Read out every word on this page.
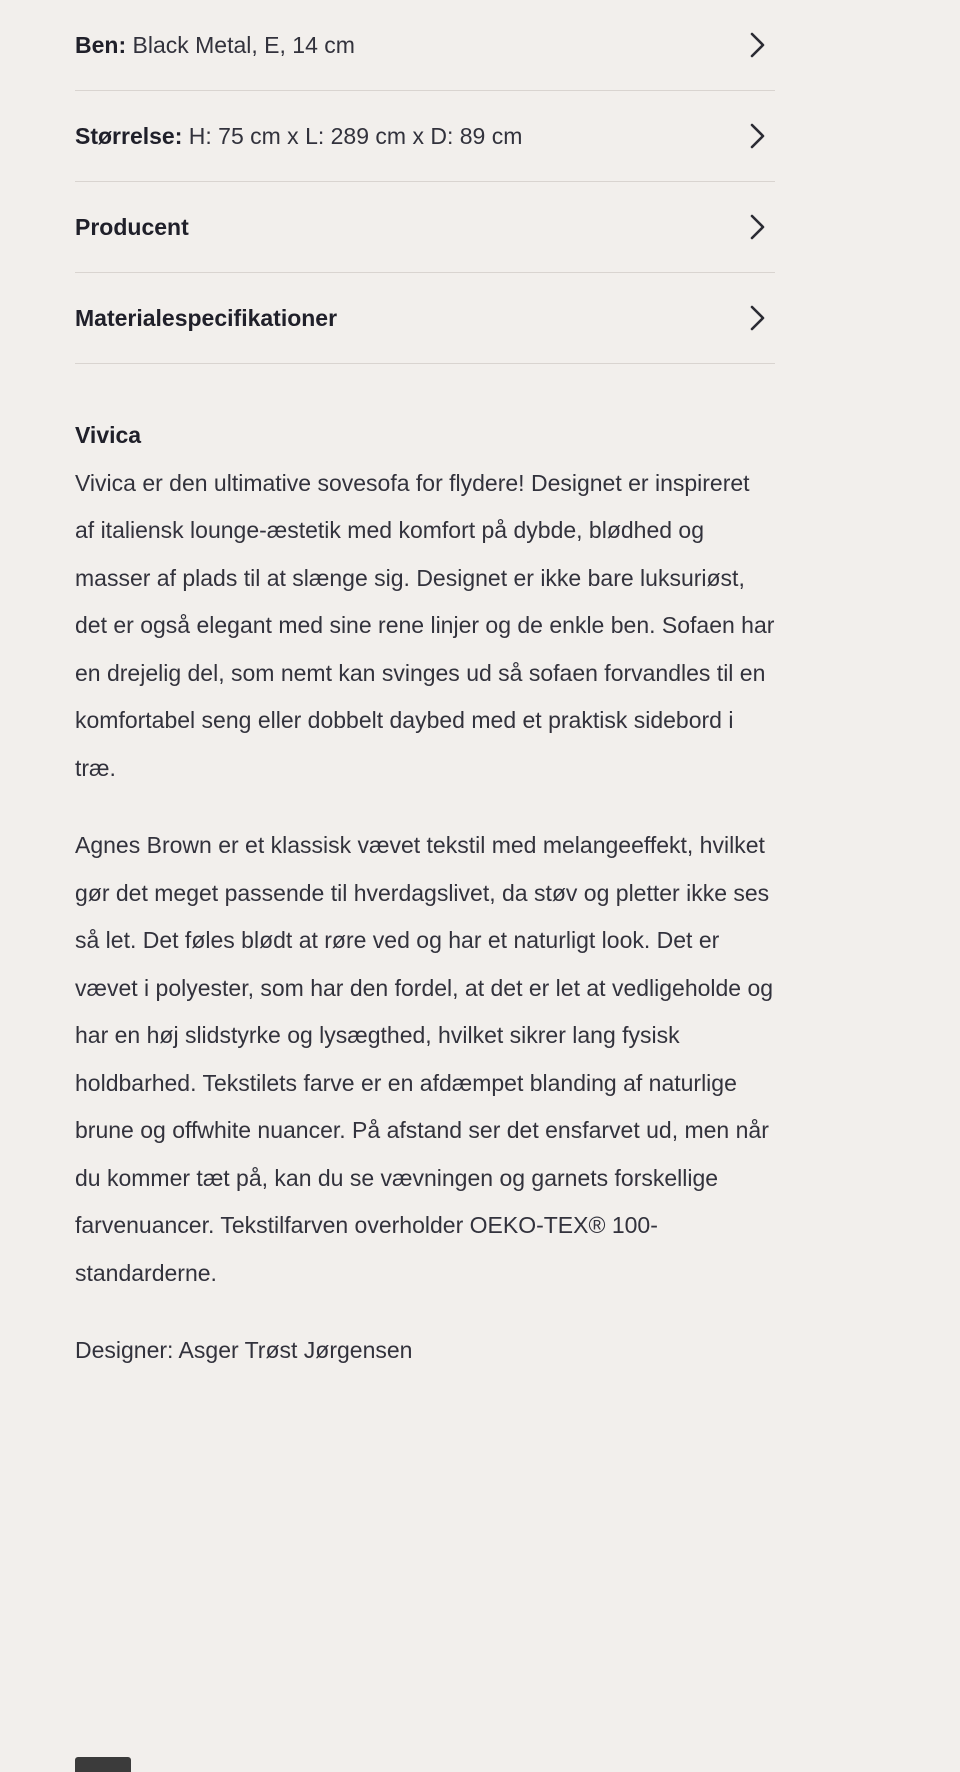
Ben: Black Metal, E, 14 cm
Størrelse: H: 75 cm x L: 289 cm x D: 89 cm
Producent
Materialespecifikationer

Vivica

Vivica er den ultimative sovesofa for flydere! Designet er inspireret af italiensk lounge-æstetik med komfort på dybde, blødhed og masser af plads til at slænge sig. Designet er ikke bare luksuriøst, det er også elegant med sine rene linjer og de enkle ben. Sofaen har en drejelig del, som nemt kan svinges ud så sofaen forvandles til en komfortabel seng eller dobbelt daybed med et praktisk sidebord i træ.

Agnes Brown er et klassisk vævet tekstil med melangeeffekt, hvilket gør det meget passende til hverdagslivet, da støv og pletter ikke ses så let. Det føles blødt at røre ved og har et naturligt look. Det er vævet i polyester, som har den fordel, at det er let at vedligeholde og har en høj slidstyrke og lysægthed, hvilket sikrer lang fysisk holdbarhed. Tekstilets farve er en afdæmpet blanding af naturlige brune og offwhite nuancer. På afstand ser det ensfarvet ud, men når du kommer tæt på, kan du se vævningen og garnets forskellige farvenuancer. Tekstilfarven overholder OEKO-TEX® 100-standarderne.

Designer: Asger Trøst Jørgensen
